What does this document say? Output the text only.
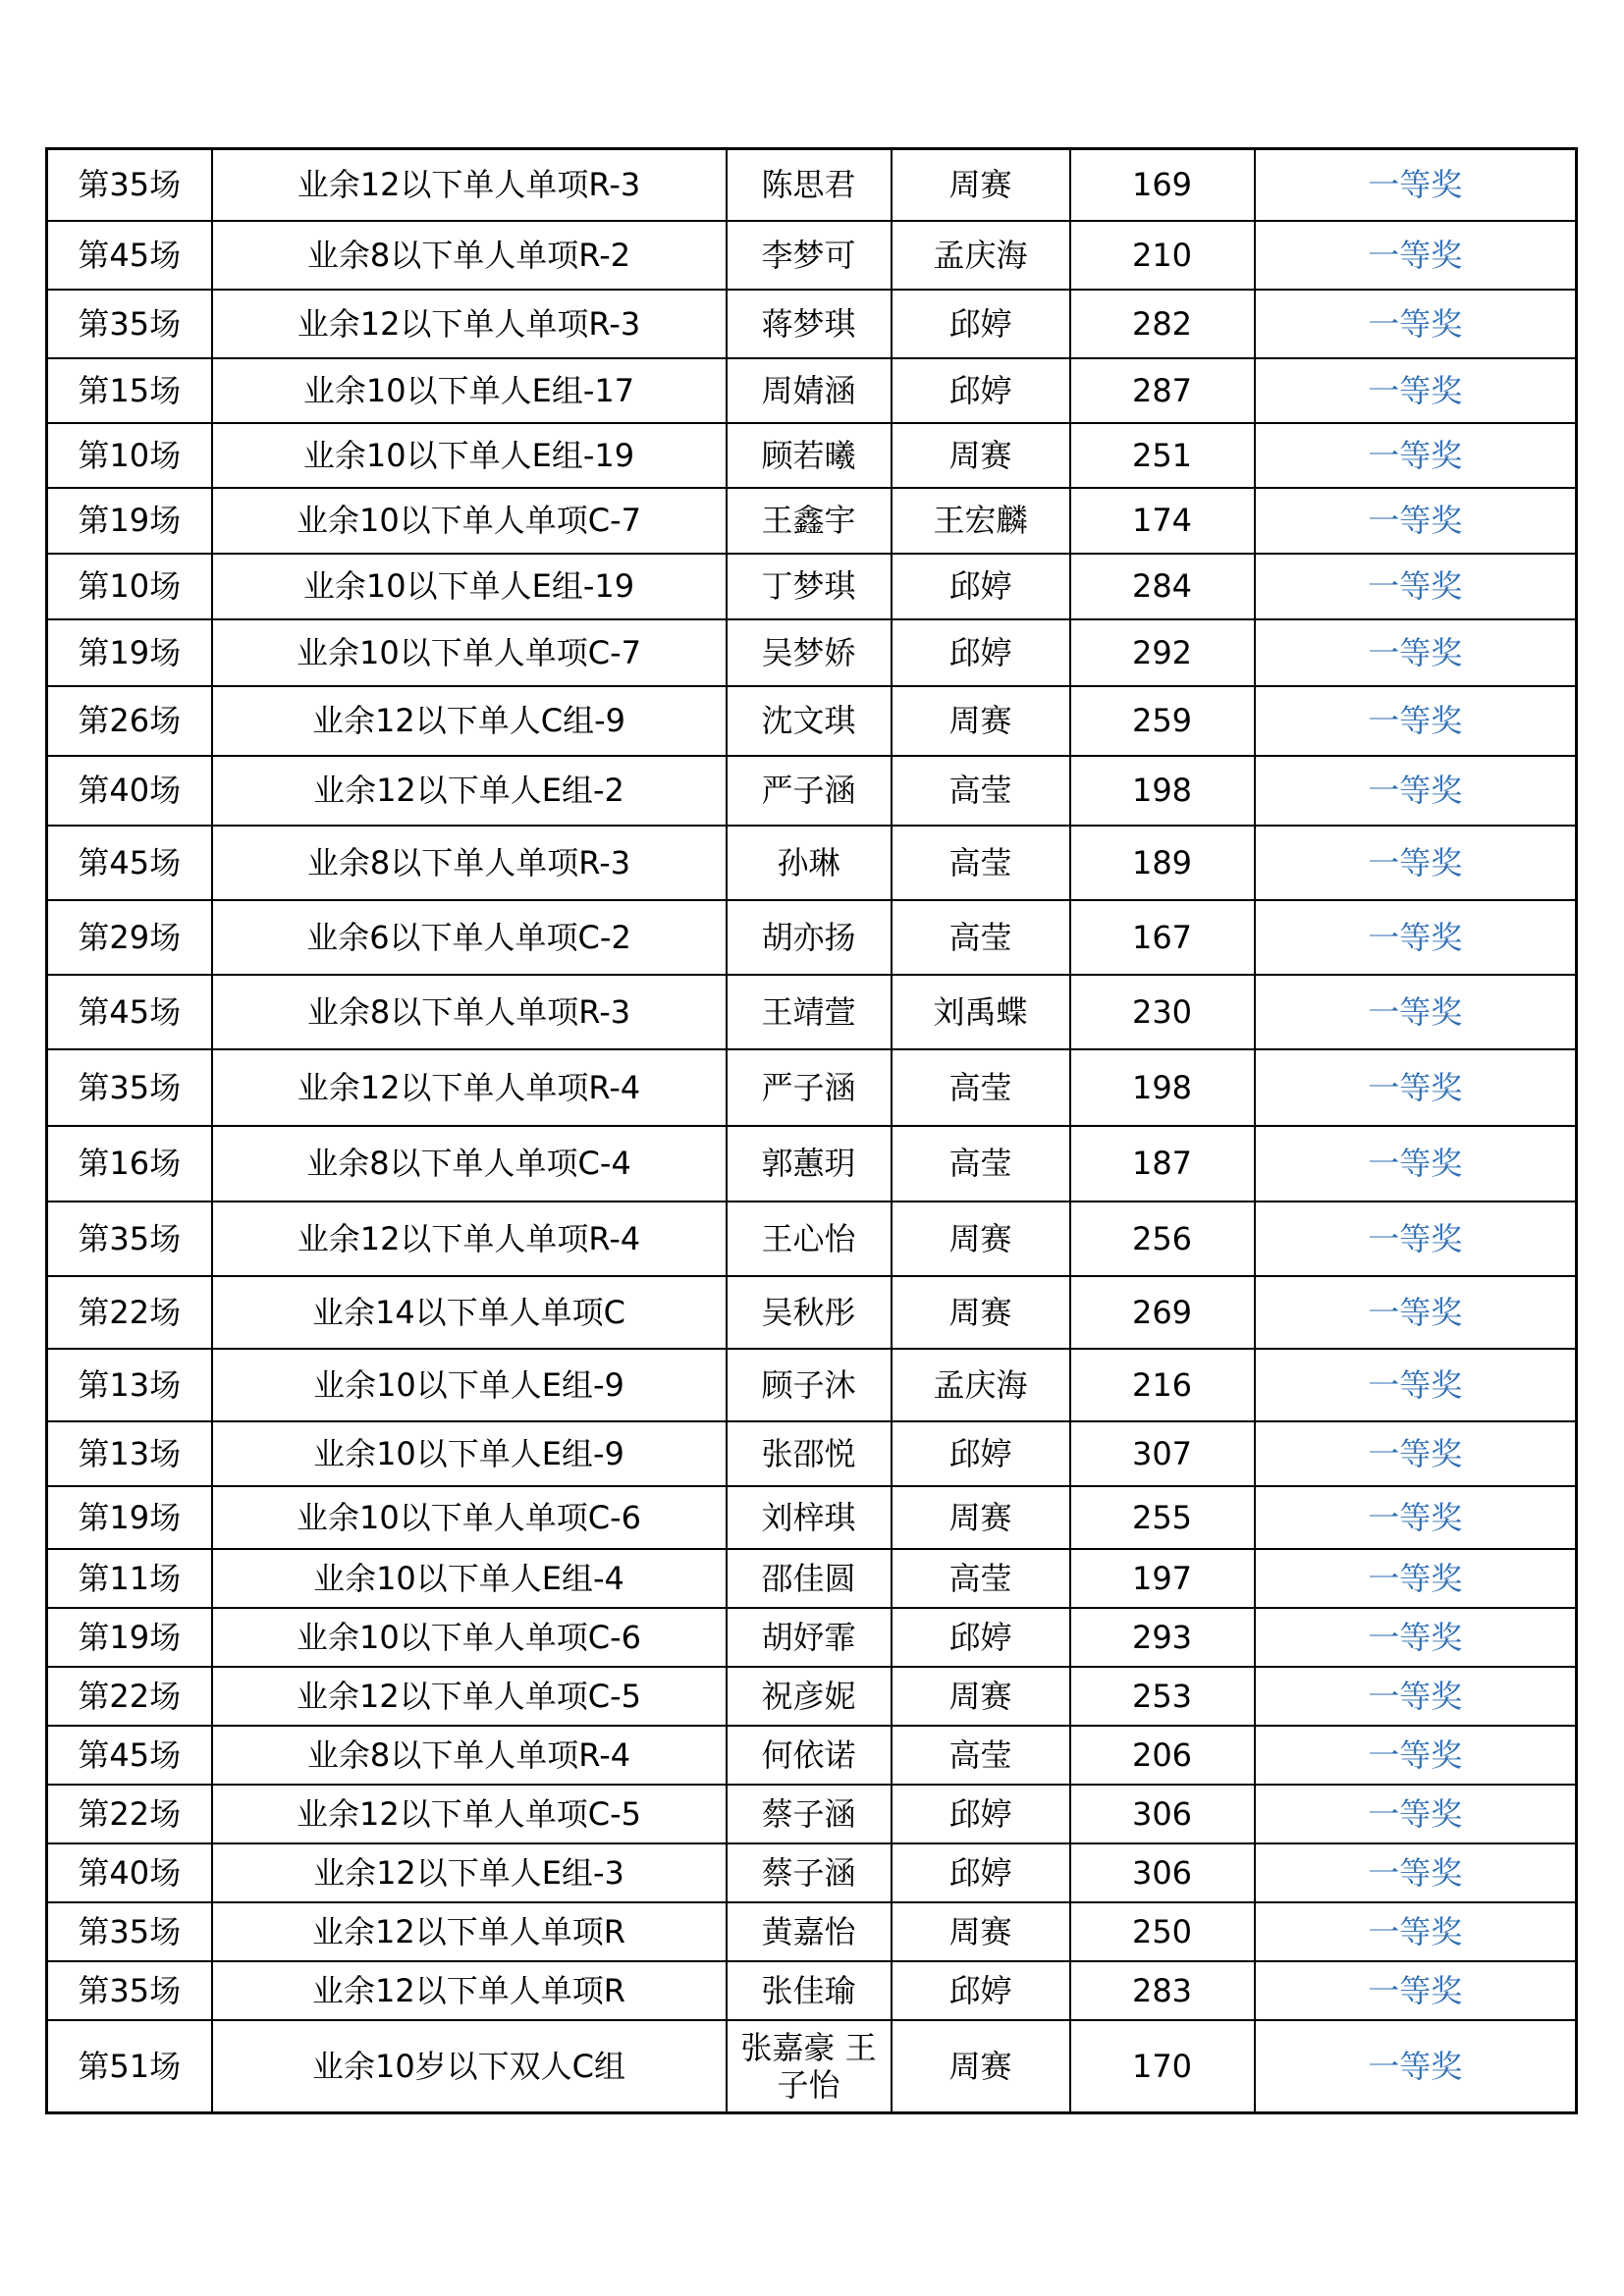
第35场	业余12以下单人单项R-3	陈思君	周赛	169	一等奖
第45场	业余8以下单人单项R-2	李梦可	孟庆海	210	一等奖
第35场	业余12以下单人单项R-3	蒋梦琪	邱婷	282	一等奖
第15场	业余10以下单人E组-17	周婧涵	邱婷	287	一等奖
第10场	业余10以下单人E组-19	顾若曦	周赛	251	一等奖
第19场	业余10以下单人单项C-7	王鑫宇	王宏麟	174	一等奖
第10场	业余10以下单人E组-19	丁梦琪	邱婷	284	一等奖
第19场	业余10以下单人单项C-7	吴梦娇	邱婷	292	一等奖
第26场	业余12以下单人C组-9	沈文琪	周赛	259	一等奖
第40场	业余12以下单人E组-2	严子涵	高莹	198	一等奖
第45场	业余8以下单人单项R-3	孙琳	高莹	189	一等奖
第29场	业余6以下单人单项C-2	胡亦扬	高莹	167	一等奖
第45场	业余8以下单人单项R-3	王靖萱	刘禹蝶	230	一等奖
第35场	业余12以下单人单项R-4	严子涵	高莹	198	一等奖
第16场	业余8以下单人单项C-4	郭蕙玥	高莹	187	一等奖
第35场	业余12以下单人单项R-4	王心怡	周赛	256	一等奖
第22场	业余14以下单人单项C	吴秋彤	周赛	269	一等奖
第13场	业余10以下单人E组-9	顾子沐	孟庆海	216	一等奖
第13场	业余10以下单人E组-9	张邵悦	邱婷	307	一等奖
第19场	业余10以下单人单项C-6	刘梓琪	周赛	255	一等奖
第11场	业余10以下单人E组-4	邵佳圆	高莹	197	一等奖
第19场	业余10以下单人单项C-6	胡妤霏	邱婷	293	一等奖
第22场	业余12以下单人单项C-5	祝彦妮	周赛	253	一等奖
第45场	业余8以下单人单项R-4	何依诺	高莹	206	一等奖
第22场	业余12以下单人单项C-5	蔡子涵	邱婷	306	一等奖
第40场	业余12以下单人E组-3	蔡子涵	邱婷	306	一等奖
第35场	业余12以下单人单项R	黄嘉怡	周赛	250	一等奖
第35场	业余12以下单人单项R	张佳瑜	邱婷	283	一等奖
第51场	业余10岁以下双人C组	张嘉豪 王子怡	周赛	170	一等奖
